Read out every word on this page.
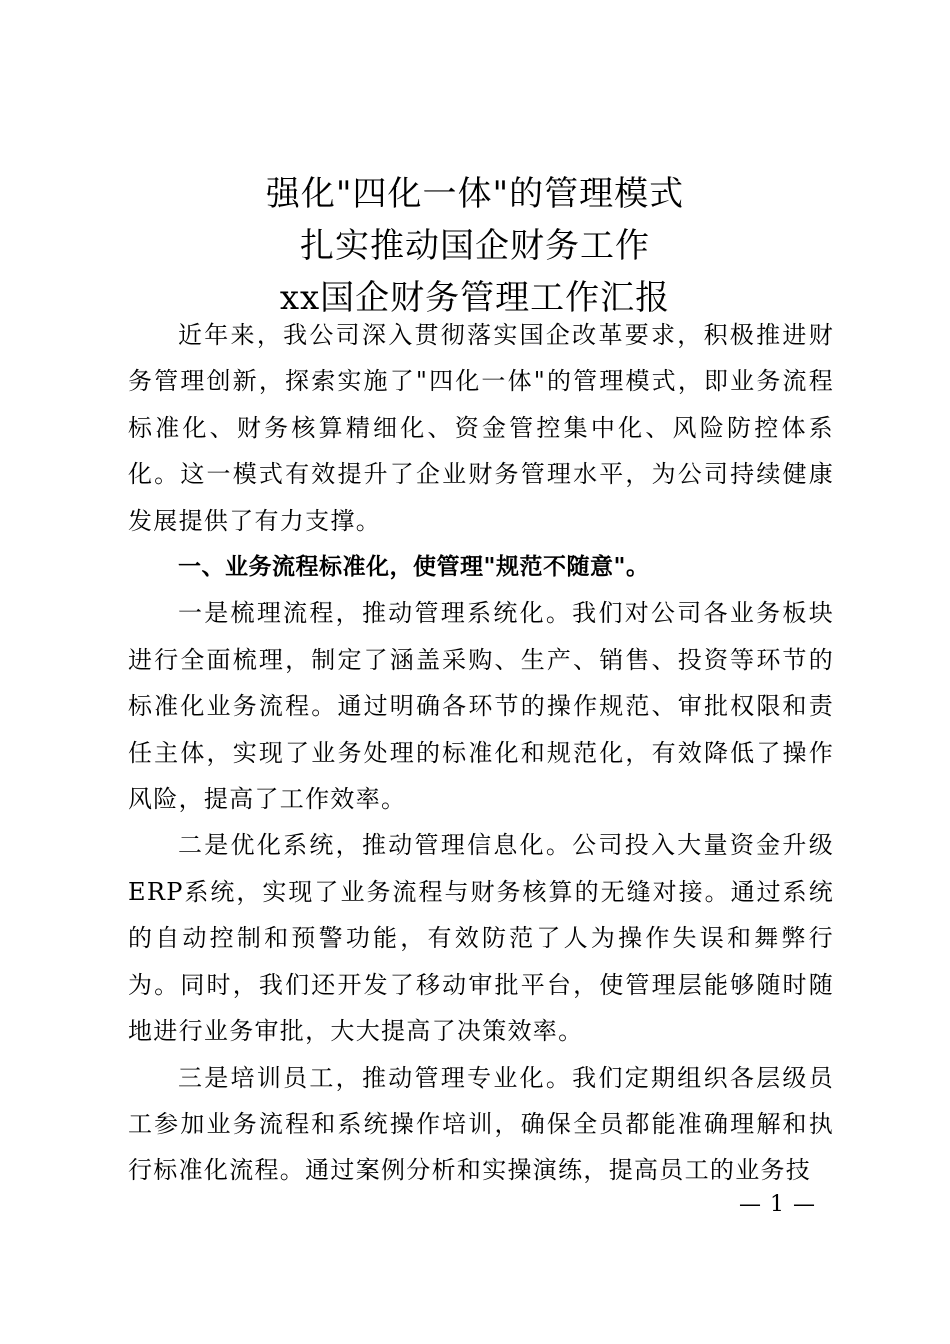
强化"四化一体"的管理模式
扎实推动国企财务工作
xx国企财务管理工作汇报

近年来，我公司深入贯彻落实国企改革要求，积极推进财务管理创新，探索实施了"四化一体"的管理模式，即业务流程标准化、财务核算精细化、资金管控集中化、风险防控体系化。这一模式有效提升了企业财务管理水平，为公司持续健康发展提供了有力支撑。

一、业务流程标准化，使管理"规范不随意"。

一是梳理流程，推动管理系统化。我们对公司各业务板块进行全面梳理，制定了涵盖采购、生产、销售、投资等环节的标准化业务流程。通过明确各环节的操作规范、审批权限和责任主体，实现了业务处理的标准化和规范化，有效降低了操作风险，提高了工作效率。

二是优化系统，推动管理信息化。公司投入大量资金升级ERP系统，实现了业务流程与财务核算的无缝对接。通过系统的自动控制和预警功能，有效防范了人为操作失误和舞弊行为。同时，我们还开发了移动审批平台，使管理层能够随时随地进行业务审批，大大提高了决策效率。

三是培训员工，推动管理专业化。我们定期组织各层级员工参加业务流程和系统操作培训，确保全员都能准确理解和执行标准化流程。通过案例分析和实操演练，提高员工的业务技

— 1 —
